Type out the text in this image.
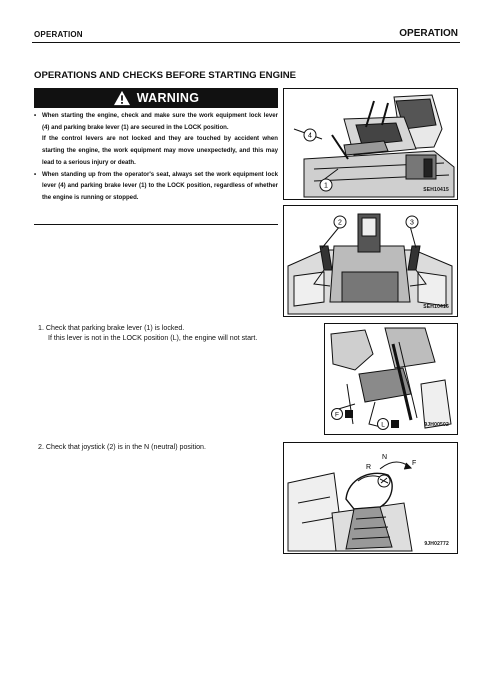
OPERATION	OPERATION
OPERATIONS AND CHECKS BEFORE STARTING ENGINE
WARNING

• When starting the engine, check and make sure the work equipment lock lever (4) and parking brake lever (1) are secured in the LOCK position.

If the control levers are not locked and they are touched by accident when starting the engine, the work equipment may move unexpectedly, and this may lead to a serious injury or death.

• When standing up from the operator's seat, always set the work equipment lock lever (4) and parking brake lever (1) to the LOCK position, regardless of whether the engine is running or stopped.

1. Check that parking brake lever (1) is locked.
If this lever is not in the LOCK position (L), the engine will not start.
2. Check that joystick (2) is in the N (neutral) position.
4
1
SEH10415
2	3
SEH10416
F
L	9JH00502
N
R
F
9JH02772
